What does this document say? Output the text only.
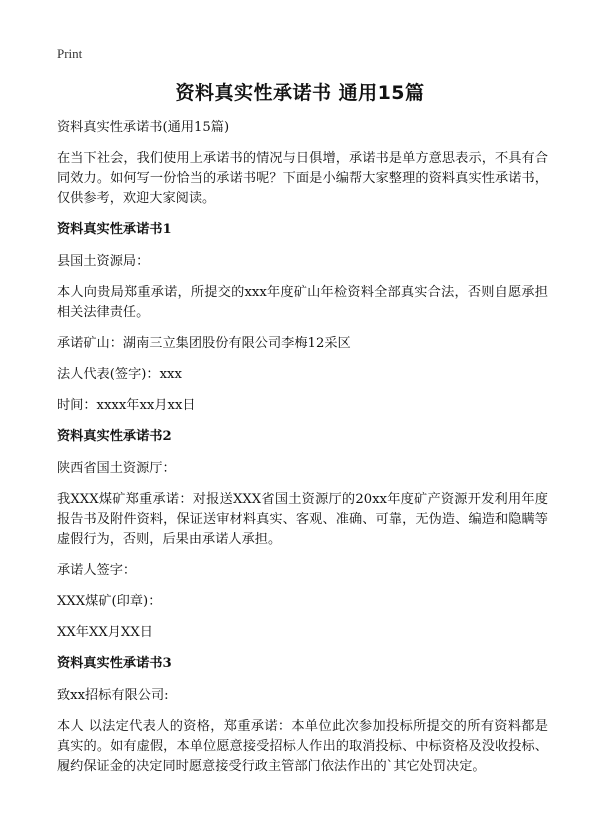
Print
资料真实性承诺书 通用15篇

资料真实性承诺书(通用15篇)

在当下社会，我们使用上承诺书的情况与日俱增，承诺书是单方意思表示，不具有合同效力。如何写一份恰当的承诺书呢？下面是小编帮大家整理的资料真实性承诺书，仅供参考，欢迎大家阅读。

资料真实性承诺书1

县国土资源局：

本人向贵局郑重承诺，所提交的xxx年度矿山年检资料全部真实合法，否则自愿承担相关法律责任。

承诺矿山：湖南三立集团股份有限公司李梅12采区

法人代表(签字)：xxx

时间：xxxx年xx月xx日

资料真实性承诺书2

陕西省国土资源厅：

我XXX煤矿郑重承诺：对报送XXX省国土资源厅的20xx年度矿产资源开发利用年度报告书及附件资料，保证送审材料真实、客观、准确、可靠，无伪造、编造和隐瞒等虚假行为，否则，后果由承诺人承担。

承诺人签字：

XXX煤矿(印章)：

XX年XX月XX日

资料真实性承诺书3

致xx招标有限公司:

本人 以法定代表人的资格，郑重承诺：本单位此次参加投标所提交的所有资料都是真实的。如有虚假，本单位愿意接受招标人作出的取消投标、中标资格及没收投标、履约保证金的决定同时愿意接受行政主管部门依法作出的`其它处罚决定。
